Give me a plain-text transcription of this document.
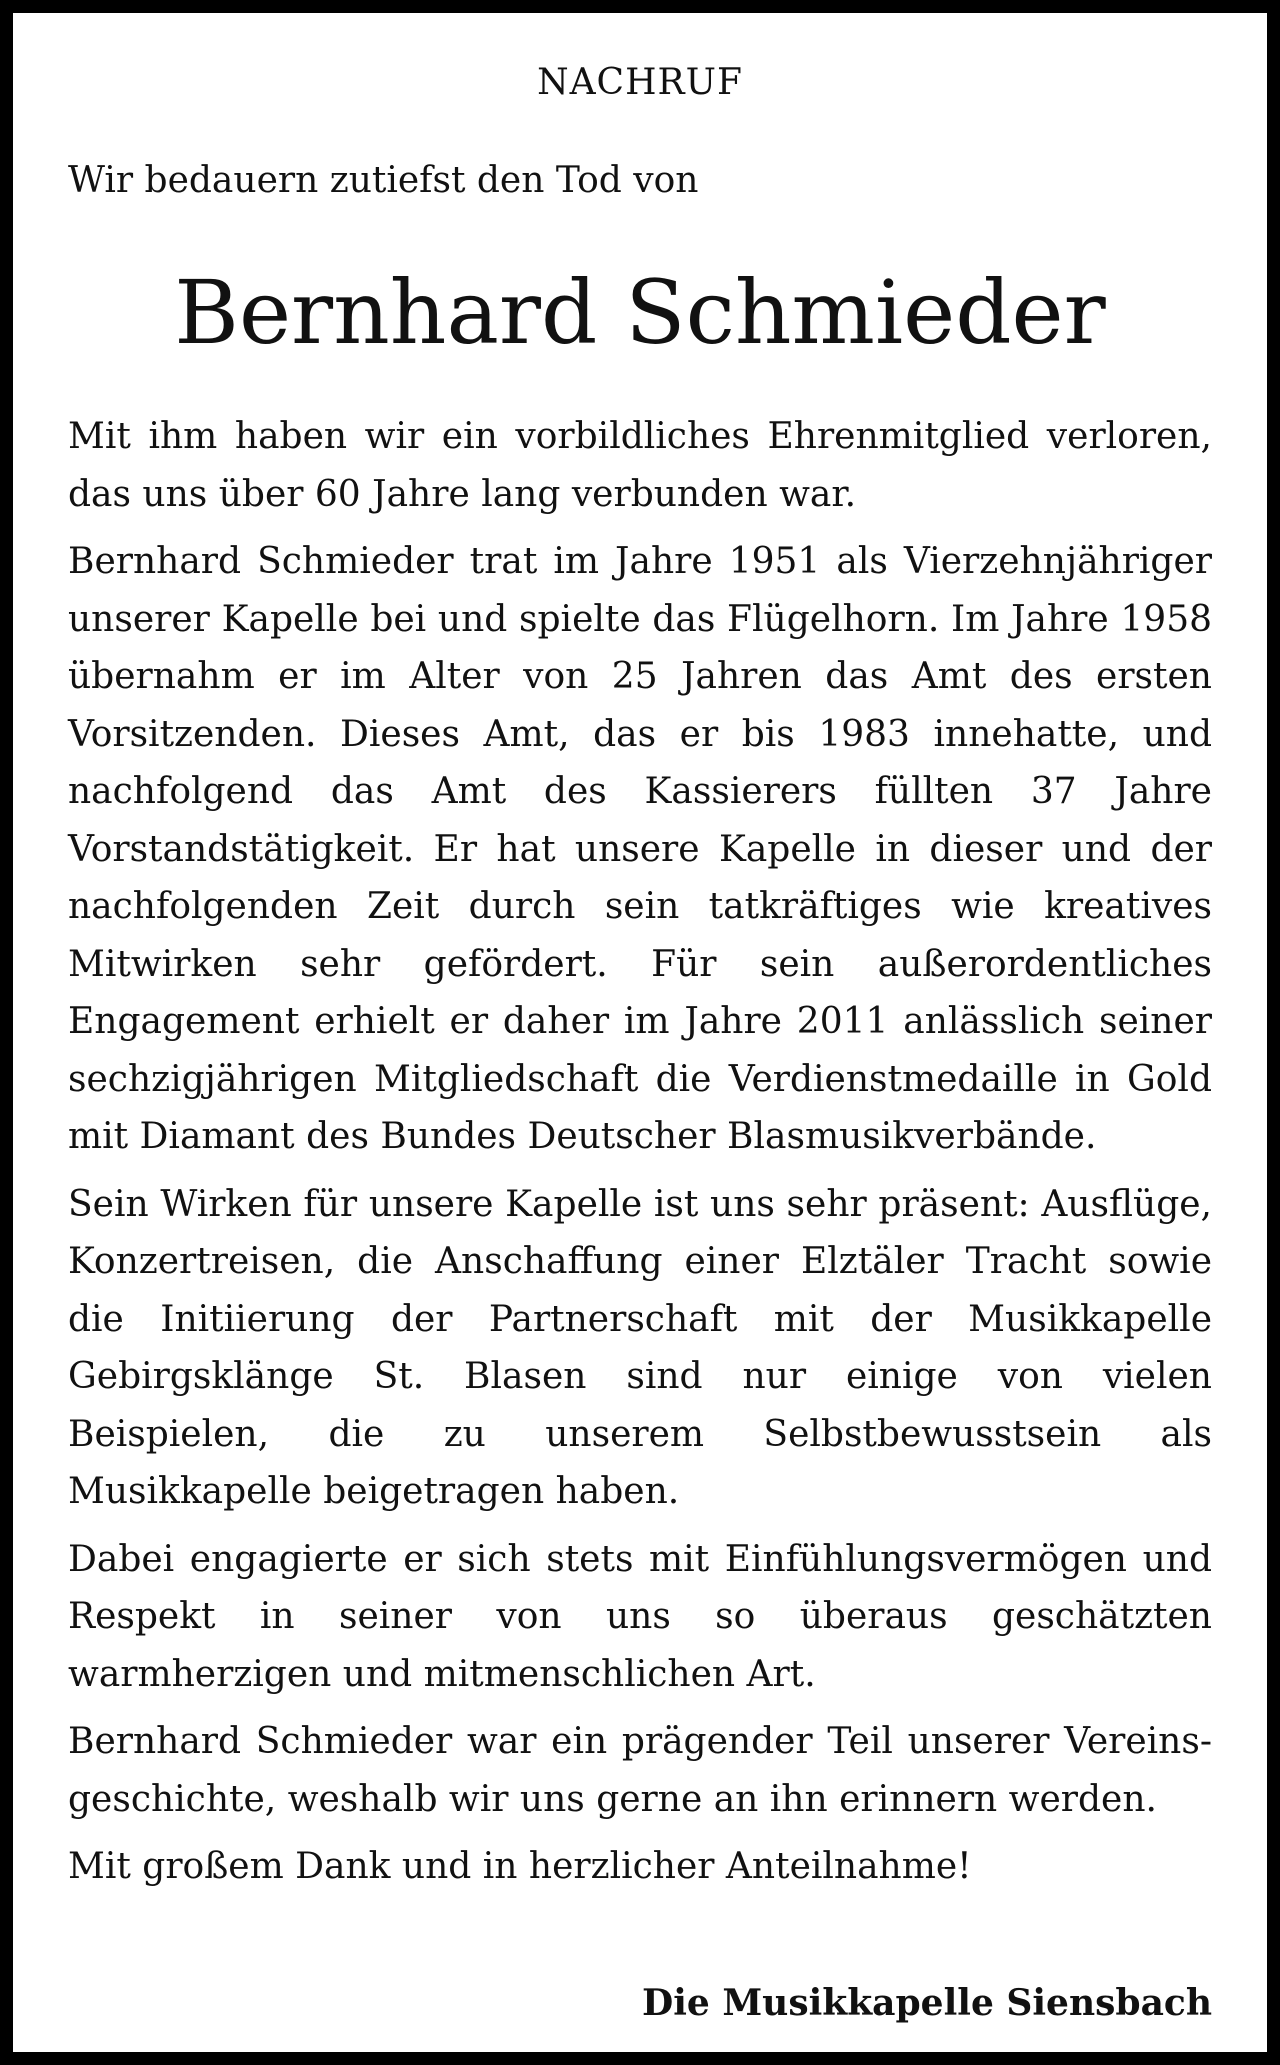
NACHRUF

Wir bedauern zutiefst den Tod von

Bernhard Schmieder

Mit ihm haben wir ein vorbildliches Ehrenmitglied verloren, das uns über 60 Jahre lang verbunden war.

Bernhard Schmieder trat im Jahre 1951 als Vierzehnjähriger unserer Kapelle bei und spielte das Flügelhorn. Im Jahre 1958 übernahm er im Alter von 25 Jahren das Amt des ersten Vorsitzenden. Dieses Amt, das er bis 1983 innehatte, und nachfolgend das Amt des Kassierers füllten 37 Jahre Vorstandstätigkeit. Er hat unsere Kapelle in dieser und der nachfolgenden Zeit durch sein tatkräftiges wie kreatives Mitwirken sehr gefördert. Für sein außerordentliches Engagement erhielt er daher im Jahre 2011 anlässlich seiner sechzigjährigen Mitgliedschaft die Verdienstmedaille in Gold mit Diamant des Bundes Deutscher Blasmusikverbände.

Sein Wirken für unsere Kapelle ist uns sehr präsent: Ausflüge, Konzertreisen, die Anschaffung einer Elztäler Tracht sowie die Initiierung der Partnerschaft mit der Musikkapelle Gebirgsklänge St. Blasen sind nur einige von vielen Beispielen, die zu unserem Selbstbewusstsein als Musikkapelle beigetragen haben.

Dabei engagierte er sich stets mit Einfühlungsvermögen und Respekt in seiner von uns so überaus geschätzten warmherzigen und mitmenschlichen Art.

Bernhard Schmieder war ein prägender Teil unserer Vereinsgeschichte, weshalb wir uns gerne an ihn erinnern werden.

Mit großem Dank und in herzlicher Anteilnahme!

Die Musikkapelle Siensbach
